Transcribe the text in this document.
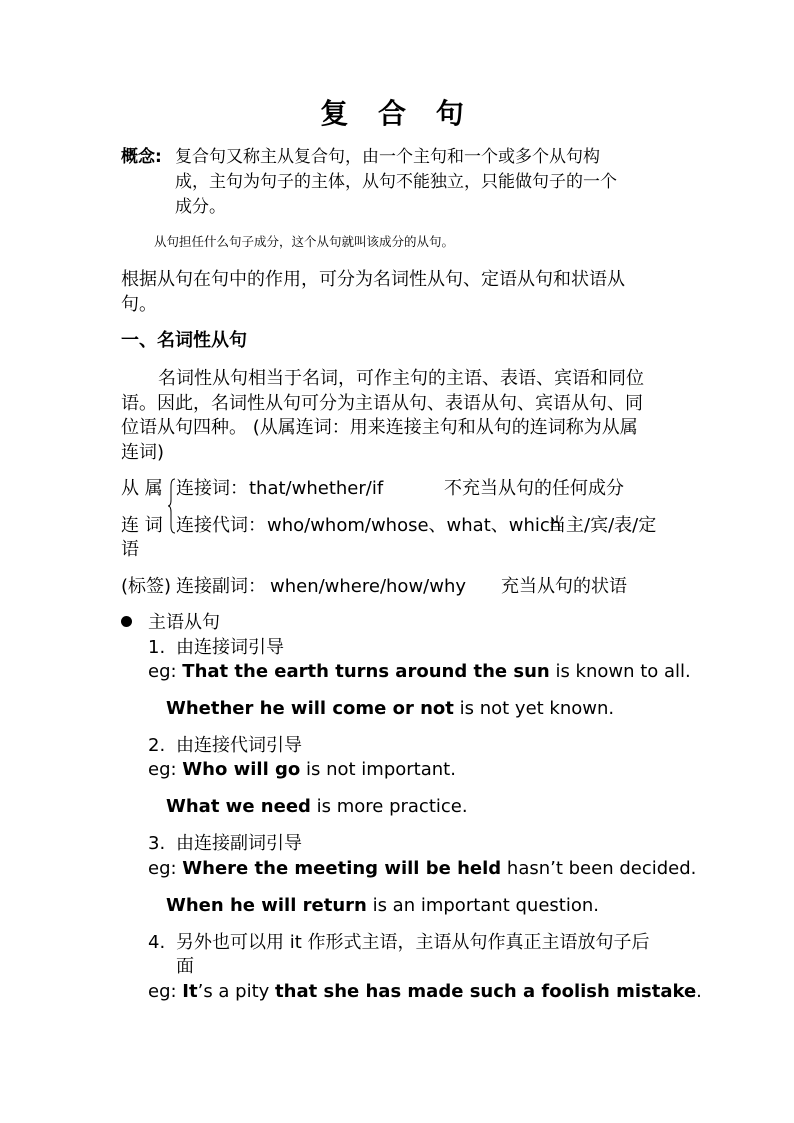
复 合 句
概念: 复合句又称主从复合句，由一个主句和一个或多个从句构
成，主句为句子的主体，从句不能独立，只能做句子的一个
成分。
从句担任什么句子成分，这个从句就叫该成分的从句。
根据从句在句中的作用，可分为名词性从句、定语从句和状语从
句。
一、名词性从句
名词性从句相当于名词，可作主句的主语、表语、宾语和同位
语。因此，名词性从句可分为主语从句、表语从句、宾语从句、同
位语从句四种。 (从属连词：用来连接主句和从句的连词称为从属
连词)
从 属
连 词
语
(标签)
连接词： that/whether/if	不充当从句的任何成分
连接代词： who/whom/whose、what、which
当主/宾/表/定
连接副词： when/where/how/why 充当从句的状语
主语从句
1. 由连接词引导
eg: That the earth turns around the sun is known to all.
Whether he will come or not is not yet known.
2. 由连接代词引导
eg: Who will go is not important.
What we need is more practice.
3. 由连接副词引导
eg: Where the meeting will be held hasn’t been decided.
When he will return is an important question.
4. 另外也可以用 it 作形式主语，主语从句作真正主语放句子后
面
eg: It’s a pity that she has made such a foolish mistake.
